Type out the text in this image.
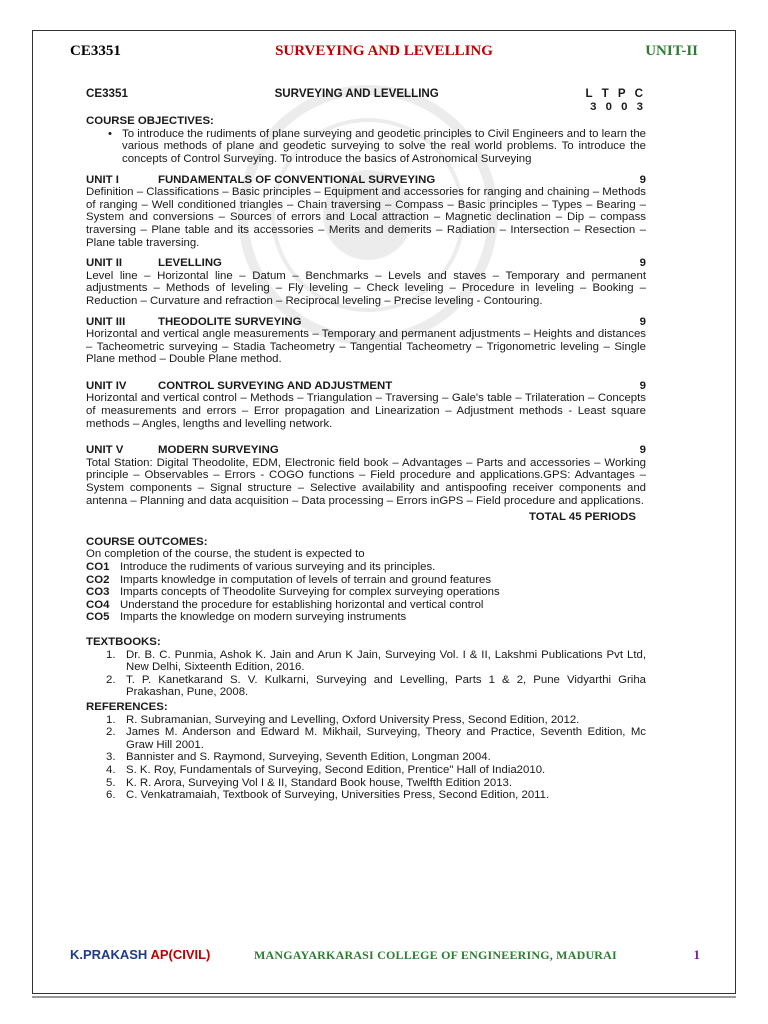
SURVEYING AND LEVELLING
CE3351	UNIT-II
CE3351	SURVEYING AND LEVELLING	L T P C
3 0 0 3
COURSE OBJECTIVES:
• To introduce the rudiments of plane surveying and geodetic principles to Civil Engineers and to learn the various methods of plane and geodetic surveying to solve the real world problems. To introduce the concepts of Control Surveying. To introduce the basics of Astronomical Surveying
UNIT I	FUNDAMENTALS OF CONVENTIONAL SURVEYING	9
Definition – Classifications – Basic principles – Equipment and accessories for ranging and chaining – Methods of ranging – Well conditioned triangles – Chain traversing – Compass – Basic principles – Types – Bearing – System and conversions – Sources of errors and Local attraction – Magnetic declination – Dip – compass traversing – Plane table and its accessories – Merits and demerits – Radiation – Intersection – Resection – Plane table traversing.
UNIT II	LEVELLING	9
Level line – Horizontal line – Datum – Benchmarks – Levels and staves – Temporary and permanent adjustments – Methods of leveling – Fly leveling – Check leveling – Procedure in leveling – Booking – Reduction – Curvature and refraction – Reciprocal leveling – Precise leveling - Contouring.
UNIT III	THEODOLITE SURVEYING	9
Horizontal and vertical angle measurements – Temporary and permanent adjustments – Heights and distances – Tacheometric surveying – Stadia Tacheometry – Tangential Tacheometry – Trigonometric leveling – Single Plane method – Double Plane method.
UNIT IV	CONTROL SURVEYING AND ADJUSTMENT	9
Horizontal and vertical control – Methods – Triangulation – Traversing – Gale's table – Trilateration – Concepts of measurements and errors – Error propagation and Linearization – Adjustment methods - Least square methods – Angles, lengths and levelling network.
UNIT V	MODERN SURVEYING	9
Total Station: Digital Theodolite, EDM, Electronic field book – Advantages – Parts and accessories – Working principle – Observables – Errors - COGO functions – Field procedure and applications.GPS: Advantages – System components – Signal structure – Selective availability and antispoofing receiver components and antenna – Planning and data acquisition – Data processing – Errors inGPS – Field procedure and applications.
TOTAL 45 PERIODS
COURSE OUTCOMES:
On completion of the course, the student is expected to
CO1 Introduce the rudiments of various surveying and its principles.
CO2 Imparts knowledge in computation of levels of terrain and ground features
CO3 Imparts concepts of Theodolite Surveying for complex surveying operations
CO4 Understand the procedure for establishing horizontal and vertical control
CO5 Imparts the knowledge on modern surveying instruments
TEXTBOOKS:
1. Dr. B. C. Punmia, Ashok K. Jain and Arun K Jain, Surveying Vol. I & II, Lakshmi Publications Pvt Ltd, New Delhi, Sixteenth Edition, 2016.
2. T. P. Kanetkarand S. V. Kulkarni, Surveying and Levelling, Parts 1 & 2, Pune Vidyarthi Griha Prakashan, Pune, 2008.
REFERENCES:
1. R. Subramanian, Surveying and Levelling, Oxford University Press, Second Edition, 2012.
2. James M. Anderson and Edward M. Mikhail, Surveying, Theory and Practice, Seventh Edition, Mc Graw Hill 2001.
3. Bannister and S. Raymond, Surveying, Seventh Edition, Longman 2004.
4. S. K. Roy, Fundamentals of Surveying, Second Edition, Prentice" Hall of India2010.
5. K. R. Arora, Surveying Vol I & II, Standard Book house, Twelfth Edition 2013.
6. C. Venkatramaiah, Textbook of Surveying, Universities Press, Second Edition, 2011.
K.PRAKASH AP(CIVIL)	MANGAYARKARASI COLLEGE OF ENGINEERING, MADURAI	1
